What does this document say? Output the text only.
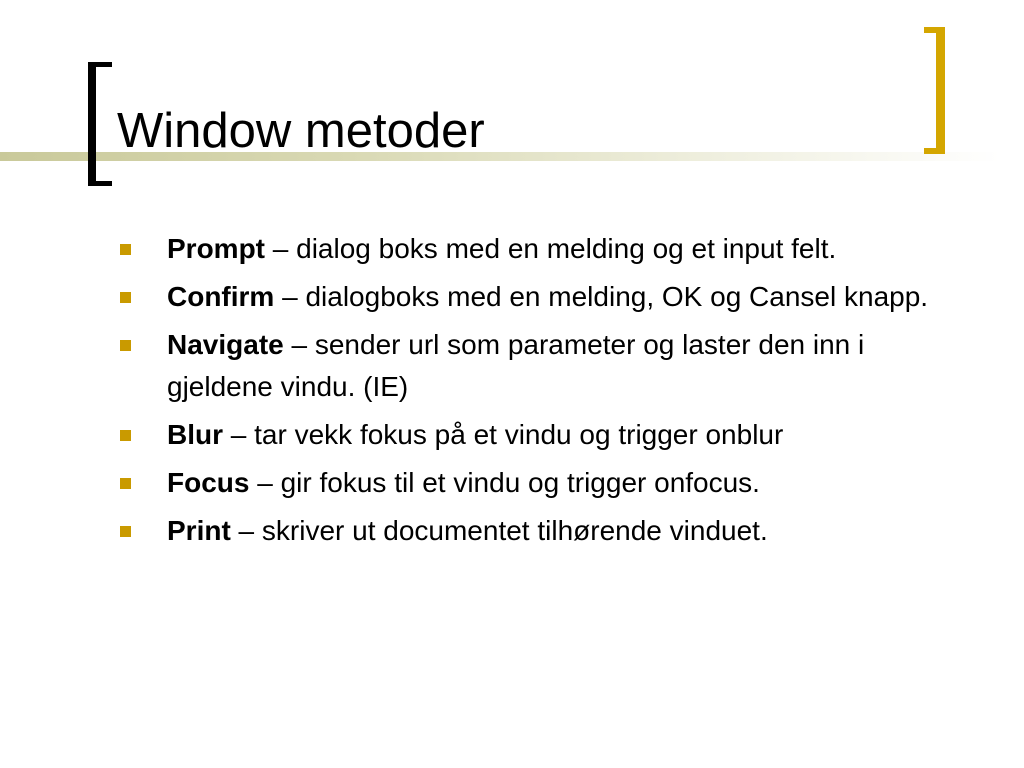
Window metoder
Prompt – dialog boks med en melding og et input felt.
Confirm – dialogboks med en melding, OK og Cansel knapp.
Navigate – sender url som parameter og laster den inn i gjeldene vindu. (IE)
Blur – tar vekk fokus på et vindu og trigger onblur
Focus – gir fokus til et vindu og trigger onfocus.
Print – skriver ut documentet tilhørende vinduet.
